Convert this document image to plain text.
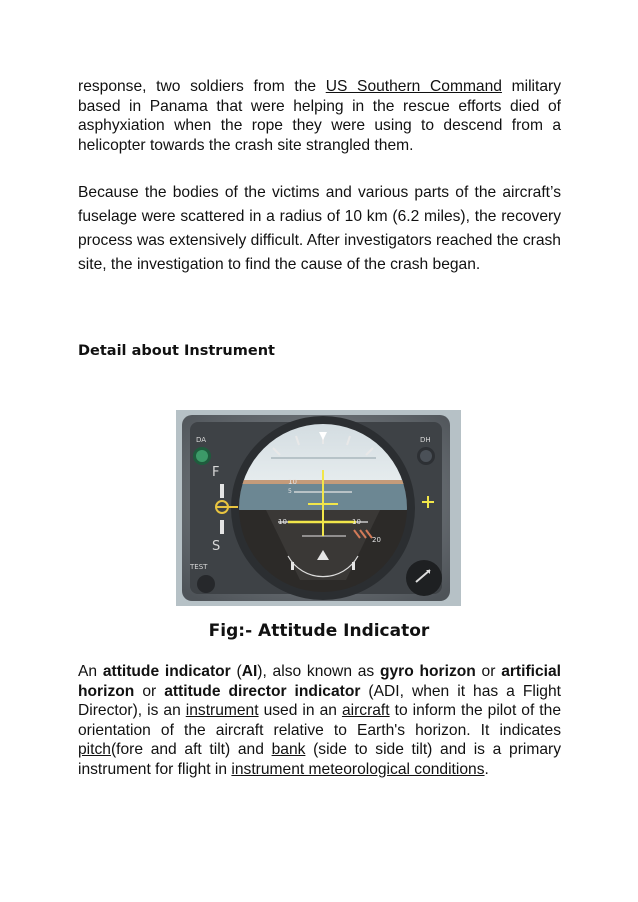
response, two soldiers from the US Southern Command military based in Panama that were helping in the rescue efforts died of asphyxiation when the rope they were using to descend from a helicopter towards the crash site strangled them.

Because the bodies of the victims and various parts of the aircraft’s fuselage were scattered in a radius of 10 km (6.2 miles), the recovery process was extensively difficult. After investigators reached the crash site, the investigation to find the cause of the crash began.

Detail about Instrument

DA	DH
F
S
TEST
10
5
10	10
20

Fig:- Attitude Indicator

An attitude indicator (AI), also known as gyro horizon or artificial horizon or attitude director indicator (ADI, when it has a Flight Director), is an instrument used in an aircraft to inform the pilot of the orientation of the aircraft relative to Earth's horizon. It indicates pitch(fore and aft tilt) and bank (side to side tilt) and is a primary instrument for flight in instrument meteorological conditions.
